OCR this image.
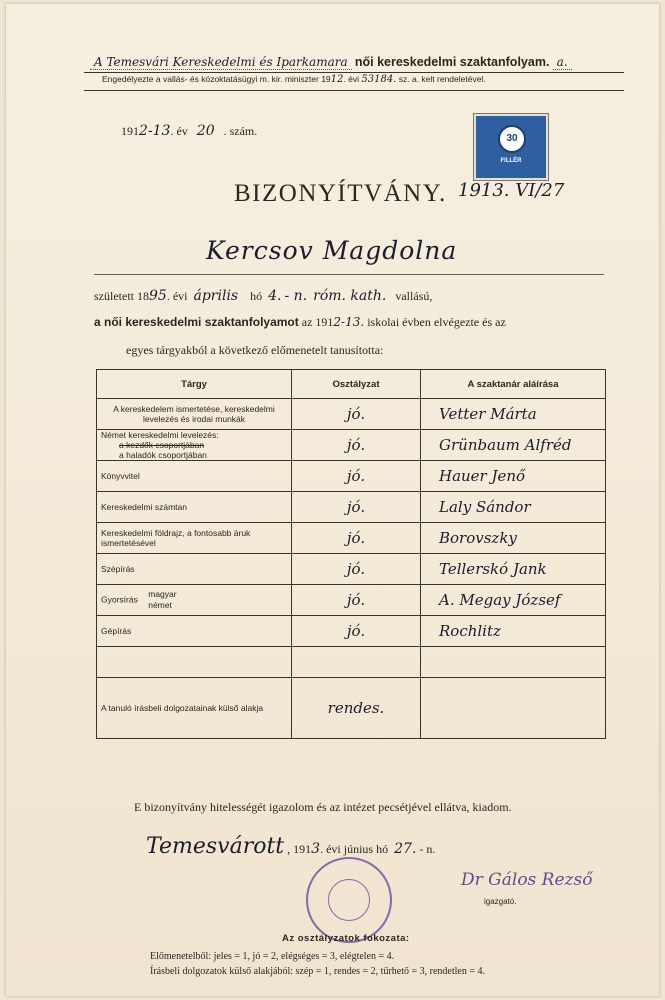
A Temesvári Kereskedelmi és Iparkamara női kereskedelmi szaktanfolyam. a.
Engedélyezte a vallás- és közoktatásügyi m. kir. miniszter 1912. évi 53184. sz. a. kelt rendeletével.
1912-13. év 20 . szám.
30
FILLÉR
BIZONYÍTVÁNY. 1913. VI/27
Kercsov Magdolna
született 1895. évi április hó 4. - n. róm. kath. vallású,
a női kereskedelmi szaktanfolyamot az 1912-13. iskolai évben elvégezte és az
egyes tárgyakból a következő előmenetelt tanusította:
Tárgy	Osztályzat	A szaktanár aláírása
A kereskedelem ismertetése, kereskedelmi levelezés és irodai munkák	jó.	Vetter Márta

Német kereskedelmi levelezés:
a kezdők csoportjában
a haladók csoportjában	jó.	Grünbaum Alfréd
Könyvvitel	jó.	Hauer Jenő
Kereskedelmi számtan	jó.	Laly Sándor
Kereskedelmi földrajz, a fontosabb áruk ismertetésével	jó.	Borovszky
Szépírás	jó.	Tellerskó Jank
Gyorsírás magyar
német	jó.	A. Megay József
Gépírás	jó.	Rochlitz

A tanuló írásbeli dolgozatainak külső alakja	rendes.	
E bizonyítvány hitelességét igazolom és az intézet pecsétjével ellátva, kiadom.
Temesvárott , 1913. évi június hó 27. - n.
Dr Gálos Rezső
igazgató.
Az osztályzatok fokozata:
Előmenetelből: jeles = 1, jó = 2, elégséges = 3, elégtelen = 4.
Írásbeli dolgozatok külső alakjából: szép = 1, rendes = 2, tűrhető = 3, rendetlen = 4.
